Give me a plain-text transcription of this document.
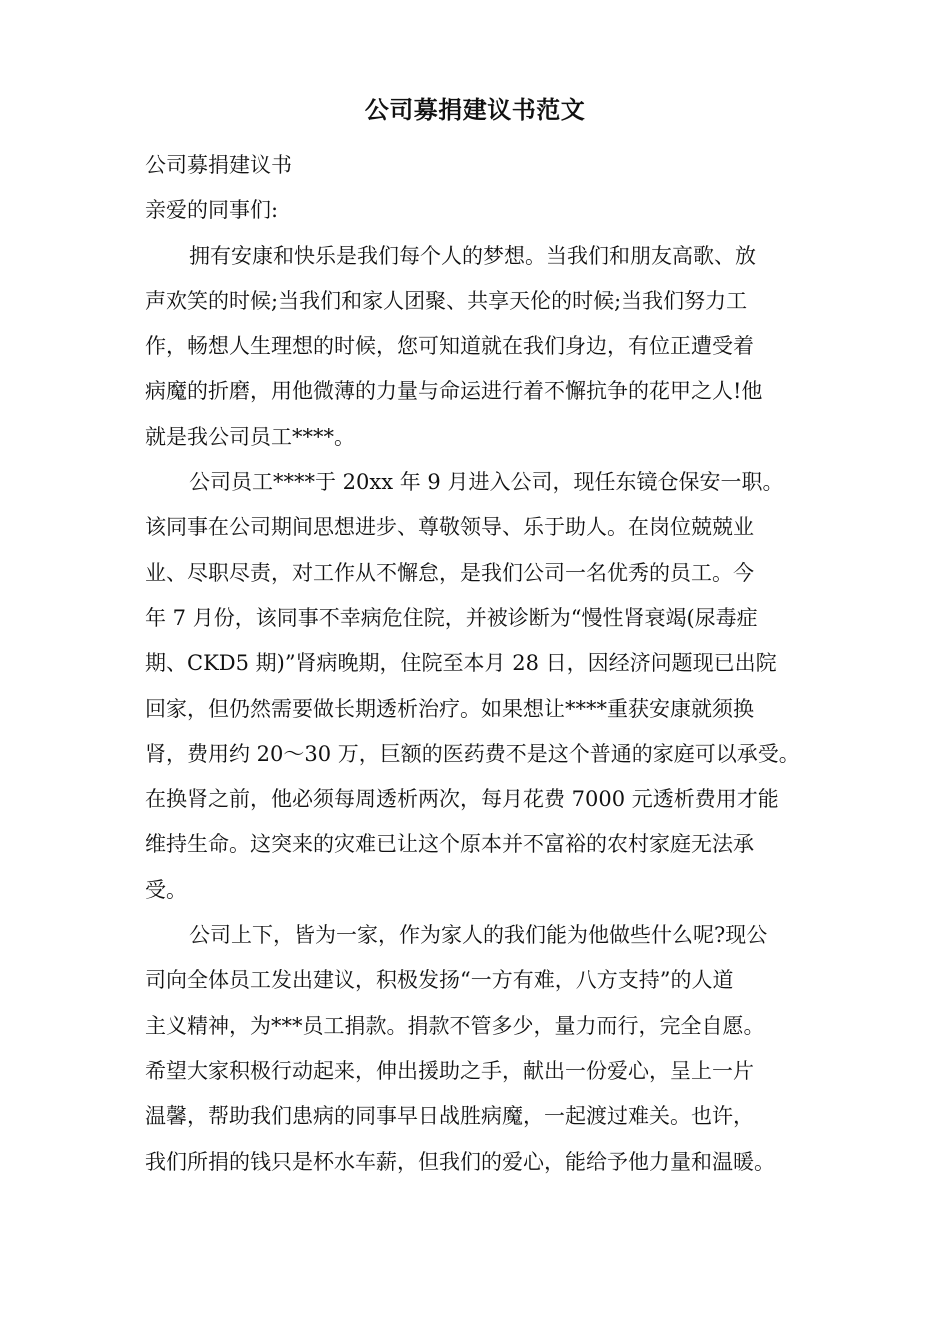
公司募捐建议书范文
公司募捐建议书
亲爱的同事们:
拥有安康和快乐是我们每个人的梦想。当我们和朋友高歌、放
声欢笑的时候;当我们和家人团聚、共享天伦的时候;当我们努力工
作，畅想人生理想的时候，您可知道就在我们身边，有位正遭受着
病魔的折磨，用他微薄的力量与命运进行着不懈抗争的花甲之人!他
就是我公司员工****。
公司员工****于 20xx 年 9 月进入公司，现任东镜仓保安一职。
该同事在公司期间思想进步、尊敬领导、乐于助人。在岗位兢兢业
业、尽职尽责，对工作从不懈怠，是我们公司一名优秀的员工。今
年 7 月份，该同事不幸病危住院，并被诊断为“慢性肾衰竭(尿毒症
期、CKD5 期)”肾病晚期，住院至本月 28 日，因经济问题现已出院
回家，但仍然需要做长期透析治疗。如果想让****重获安康就须换
肾，费用约 20～30 万，巨额的医药费不是这个普通的家庭可以承受。
在换肾之前，他必须每周透析两次，每月花费 7000 元透析费用才能
维持生命。这突来的灾难已让这个原本并不富裕的农村家庭无法承
受。
公司上下，皆为一家，作为家人的我们能为他做些什么呢?现公
司向全体员工发出建议，积极发扬“一方有难，八方支持”的人道
主义精神，为***员工捐款。捐款不管多少，量力而行，完全自愿。
希望大家积极行动起来，伸出援助之手，献出一份爱心，呈上一片
温馨，帮助我们患病的同事早日战胜病魔，一起渡过难关。也许，
我们所捐的钱只是杯水车薪，但我们的爱心，能给予他力量和温暖。
